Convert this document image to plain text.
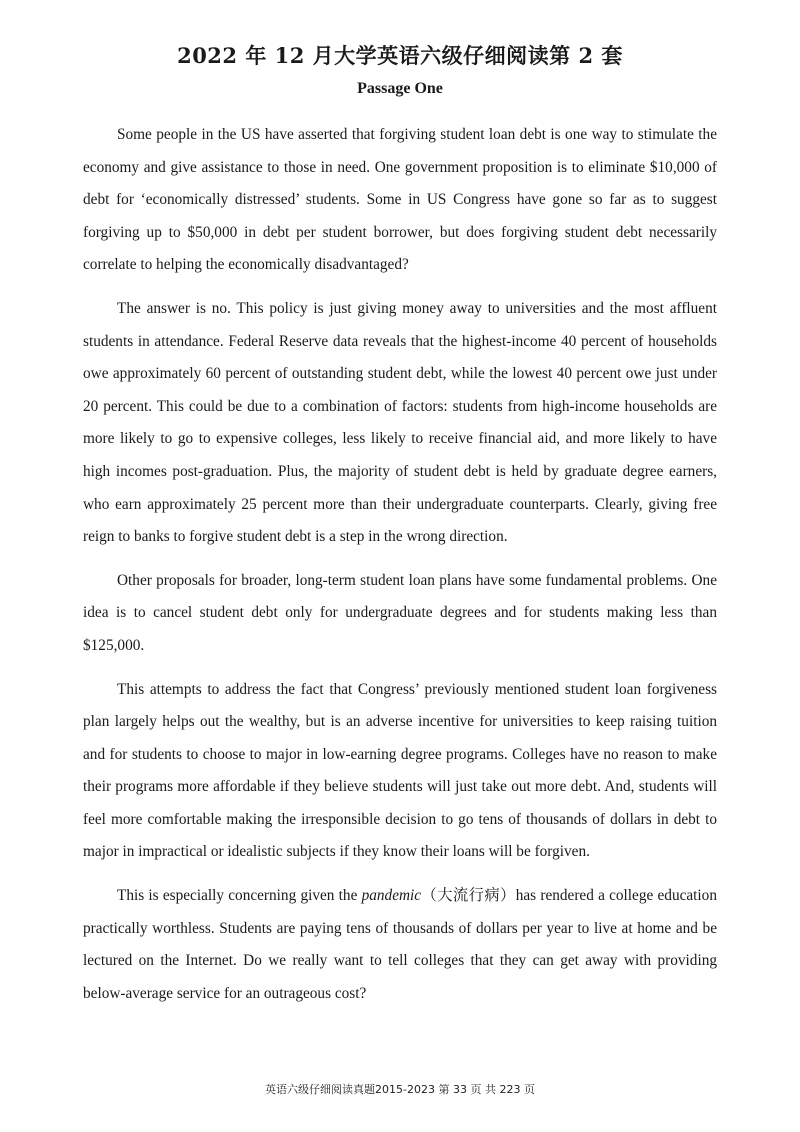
2022 年 12 月大学英语六级仔细阅读第 2 套
Passage One

Some people in the US have asserted that forgiving student loan debt is one way to stimulate the economy and give assistance to those in need. One government proposition is to eliminate $10,000 of debt for ‘economically distressed’ students. Some in US Congress have gone so far as to suggest forgiving up to $50,000 in debt per student borrower, but does forgiving student debt necessarily correlate to helping the economically disadvantaged?

The answer is no. This policy is just giving money away to universities and the most affluent students in attendance. Federal Reserve data reveals that the highest-income 40 percent of households owe approximately 60 percent of outstanding student debt, while the lowest 40 percent owe just under 20 percent. This could be due to a combination of factors: students from high-income households are more likely to go to expensive colleges, less likely to receive financial aid, and more likely to have high incomes post-graduation. Plus, the majority of student debt is held by graduate degree earners, who earn approximately 25 percent more than their undergraduate counterparts. Clearly, giving free reign to banks to forgive student debt is a step in the wrong direction.

Other proposals for broader, long-term student loan plans have some fundamental problems. One idea is to cancel student debt only for undergraduate degrees and for students making less than $125,000.

This attempts to address the fact that Congress’ previously mentioned student loan forgiveness plan largely helps out the wealthy, but is an adverse incentive for universities to keep raising tuition and for students to choose to major in low-earning degree programs. Colleges have no reason to make their programs more affordable if they believe students will just take out more debt. And, students will feel more comfortable making the irresponsible decision to go tens of thousands of dollars in debt to major in impractical or idealistic subjects if they know their loans will be forgiven.

This is especially concerning given the pandemic（大流行病）has rendered a college education practically worthless. Students are paying tens of thousands of dollars per year to live at home and be lectured on the Internet. Do we really want to tell colleges that they can get away with providing below-average service for an outrageous cost?

英语六级仔细阅读真题2015-2023 第 33 页 共 223 页
